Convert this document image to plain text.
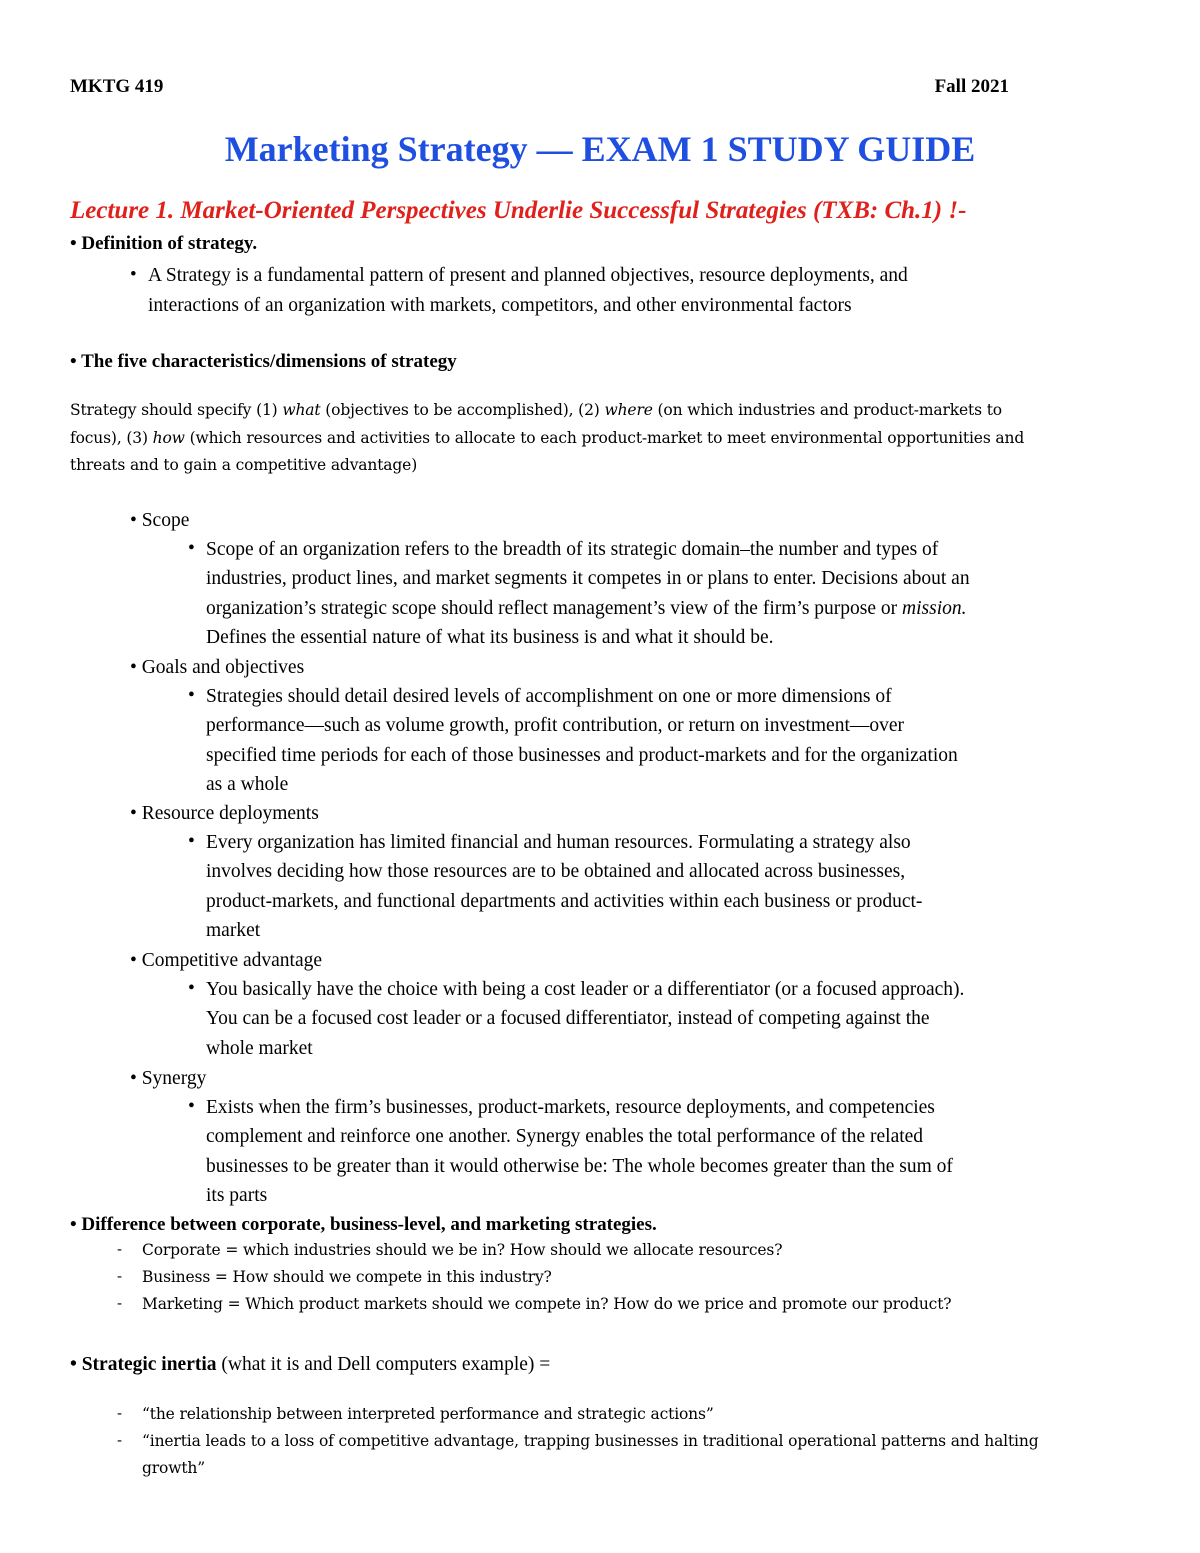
MKTG 419	Fall 2021
Marketing Strategy — EXAM 1 STUDY GUIDE
Lecture 1. Market-Oriented Perspectives Underlie Successful Strategies (TXB: Ch.1) !-
• Definition of strategy.
• A Strategy is a fundamental pattern of present and planned objectives, resource deployments, and
interactions of an organization with markets, competitors, and other environmental factors
• The five characteristics/dimensions of strategy
Strategy should specify (1) what (objectives to be accomplished), (2) where (on which industries and product-markets to
focus), (3) how (which resources and activities to allocate to each product-market to meet environmental opportunities and
threats and to gain a competitive advantage)
• Scope
• Scope of an organization refers to the breadth of its strategic domain–the number and types of
industries, product lines, and market segments it competes in or plans to enter. Decisions about an
organization’s strategic scope should reflect management’s view of the firm’s purpose or mission.
Defines the essential nature of what its business is and what it should be.
• Goals and objectives
• Strategies should detail desired levels of accomplishment on one or more dimensions of
performance—such as volume growth, profit contribution, or return on investment—over
specified time periods for each of those businesses and product-markets and for the organization
as a whole
• Resource deployments
• Every organization has limited financial and human resources. Formulating a strategy also
involves deciding how those resources are to be obtained and allocated across businesses,
product-markets, and functional departments and activities within each business or product-
market
• Competitive advantage
• You basically have the choice with being a cost leader or a differentiator (or a focused approach).
You can be a focused cost leader or a focused differentiator, instead of competing against the
whole market
• Synergy
• Exists when the firm’s businesses, product-markets, resource deployments, and competencies
complement and reinforce one another. Synergy enables the total performance of the related
businesses to be greater than it would otherwise be: The whole becomes greater than the sum of
its parts
• Difference between corporate, business-level, and marketing strategies.
- Corporate = which industries should we be in? How should we allocate resources?
- Business = How should we compete in this industry?
- Marketing = Which product markets should we compete in? How do we price and promote our product?
• Strategic inertia (what it is and Dell computers example) =
- “the relationship between interpreted performance and strategic actions”
- “inertia leads to a loss of competitive advantage, trapping businesses in traditional operational patterns and halting
growth”
